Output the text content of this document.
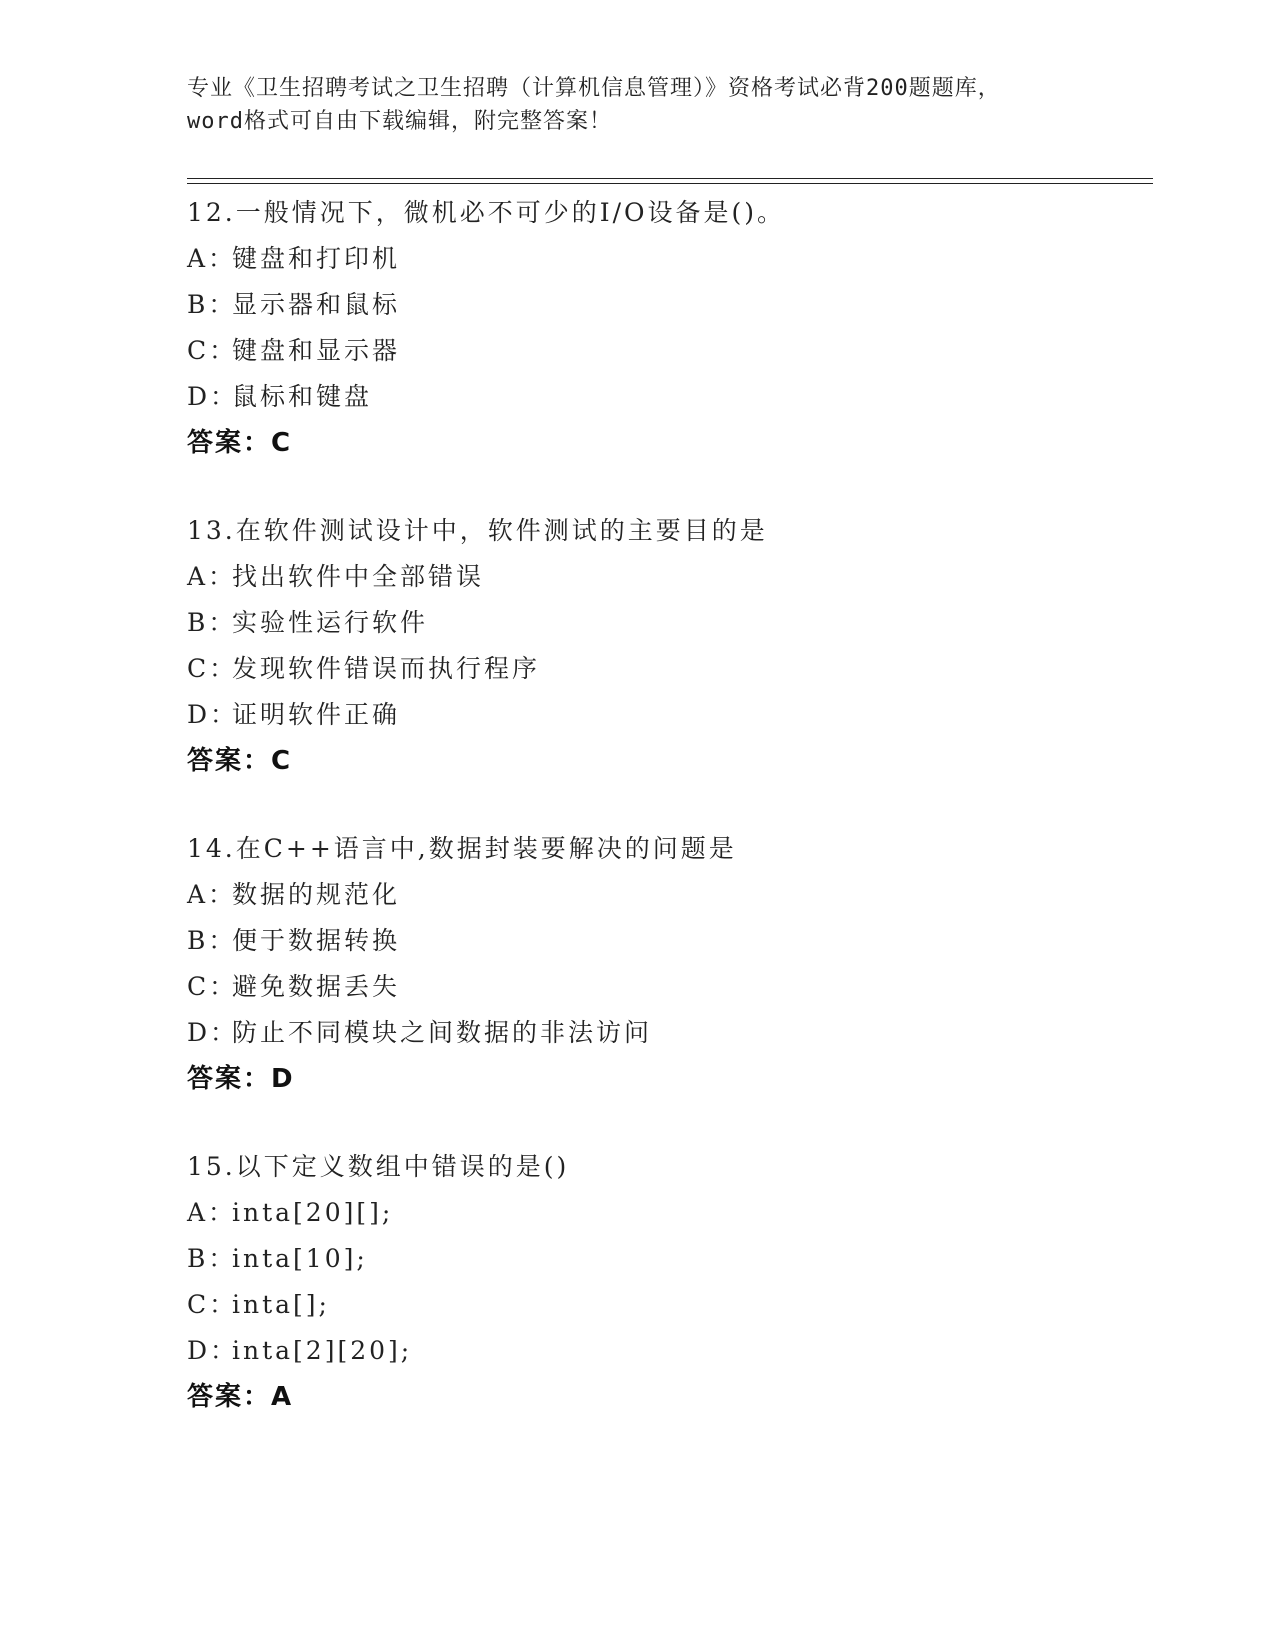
专业《卫生招聘考试之卫生招聘（计算机信息管理）》资格考试必背200题题库，
word格式可自由下载编辑，附完整答案！
12.一般情况下，微机必不可少的I/O设备是()。
A：键盘和打印机
B：显示器和鼠标
C：键盘和显示器
D：鼠标和键盘
答案：C
13.在软件测试设计中，软件测试的主要目的是
A：找出软件中全部错误
B：实验性运行软件
C：发现软件错误而执行程序
D：证明软件正确
答案：C
14.在C++语言中,数据封装要解决的问题是
A：数据的规范化
B：便于数据转换
C：避免数据丢失
D：防止不同模块之间数据的非法访问
答案：D
15.以下定义数组中错误的是()
A：inta[20][];
B：inta[10];
C：inta[];
D：inta[2][20];
答案：A
